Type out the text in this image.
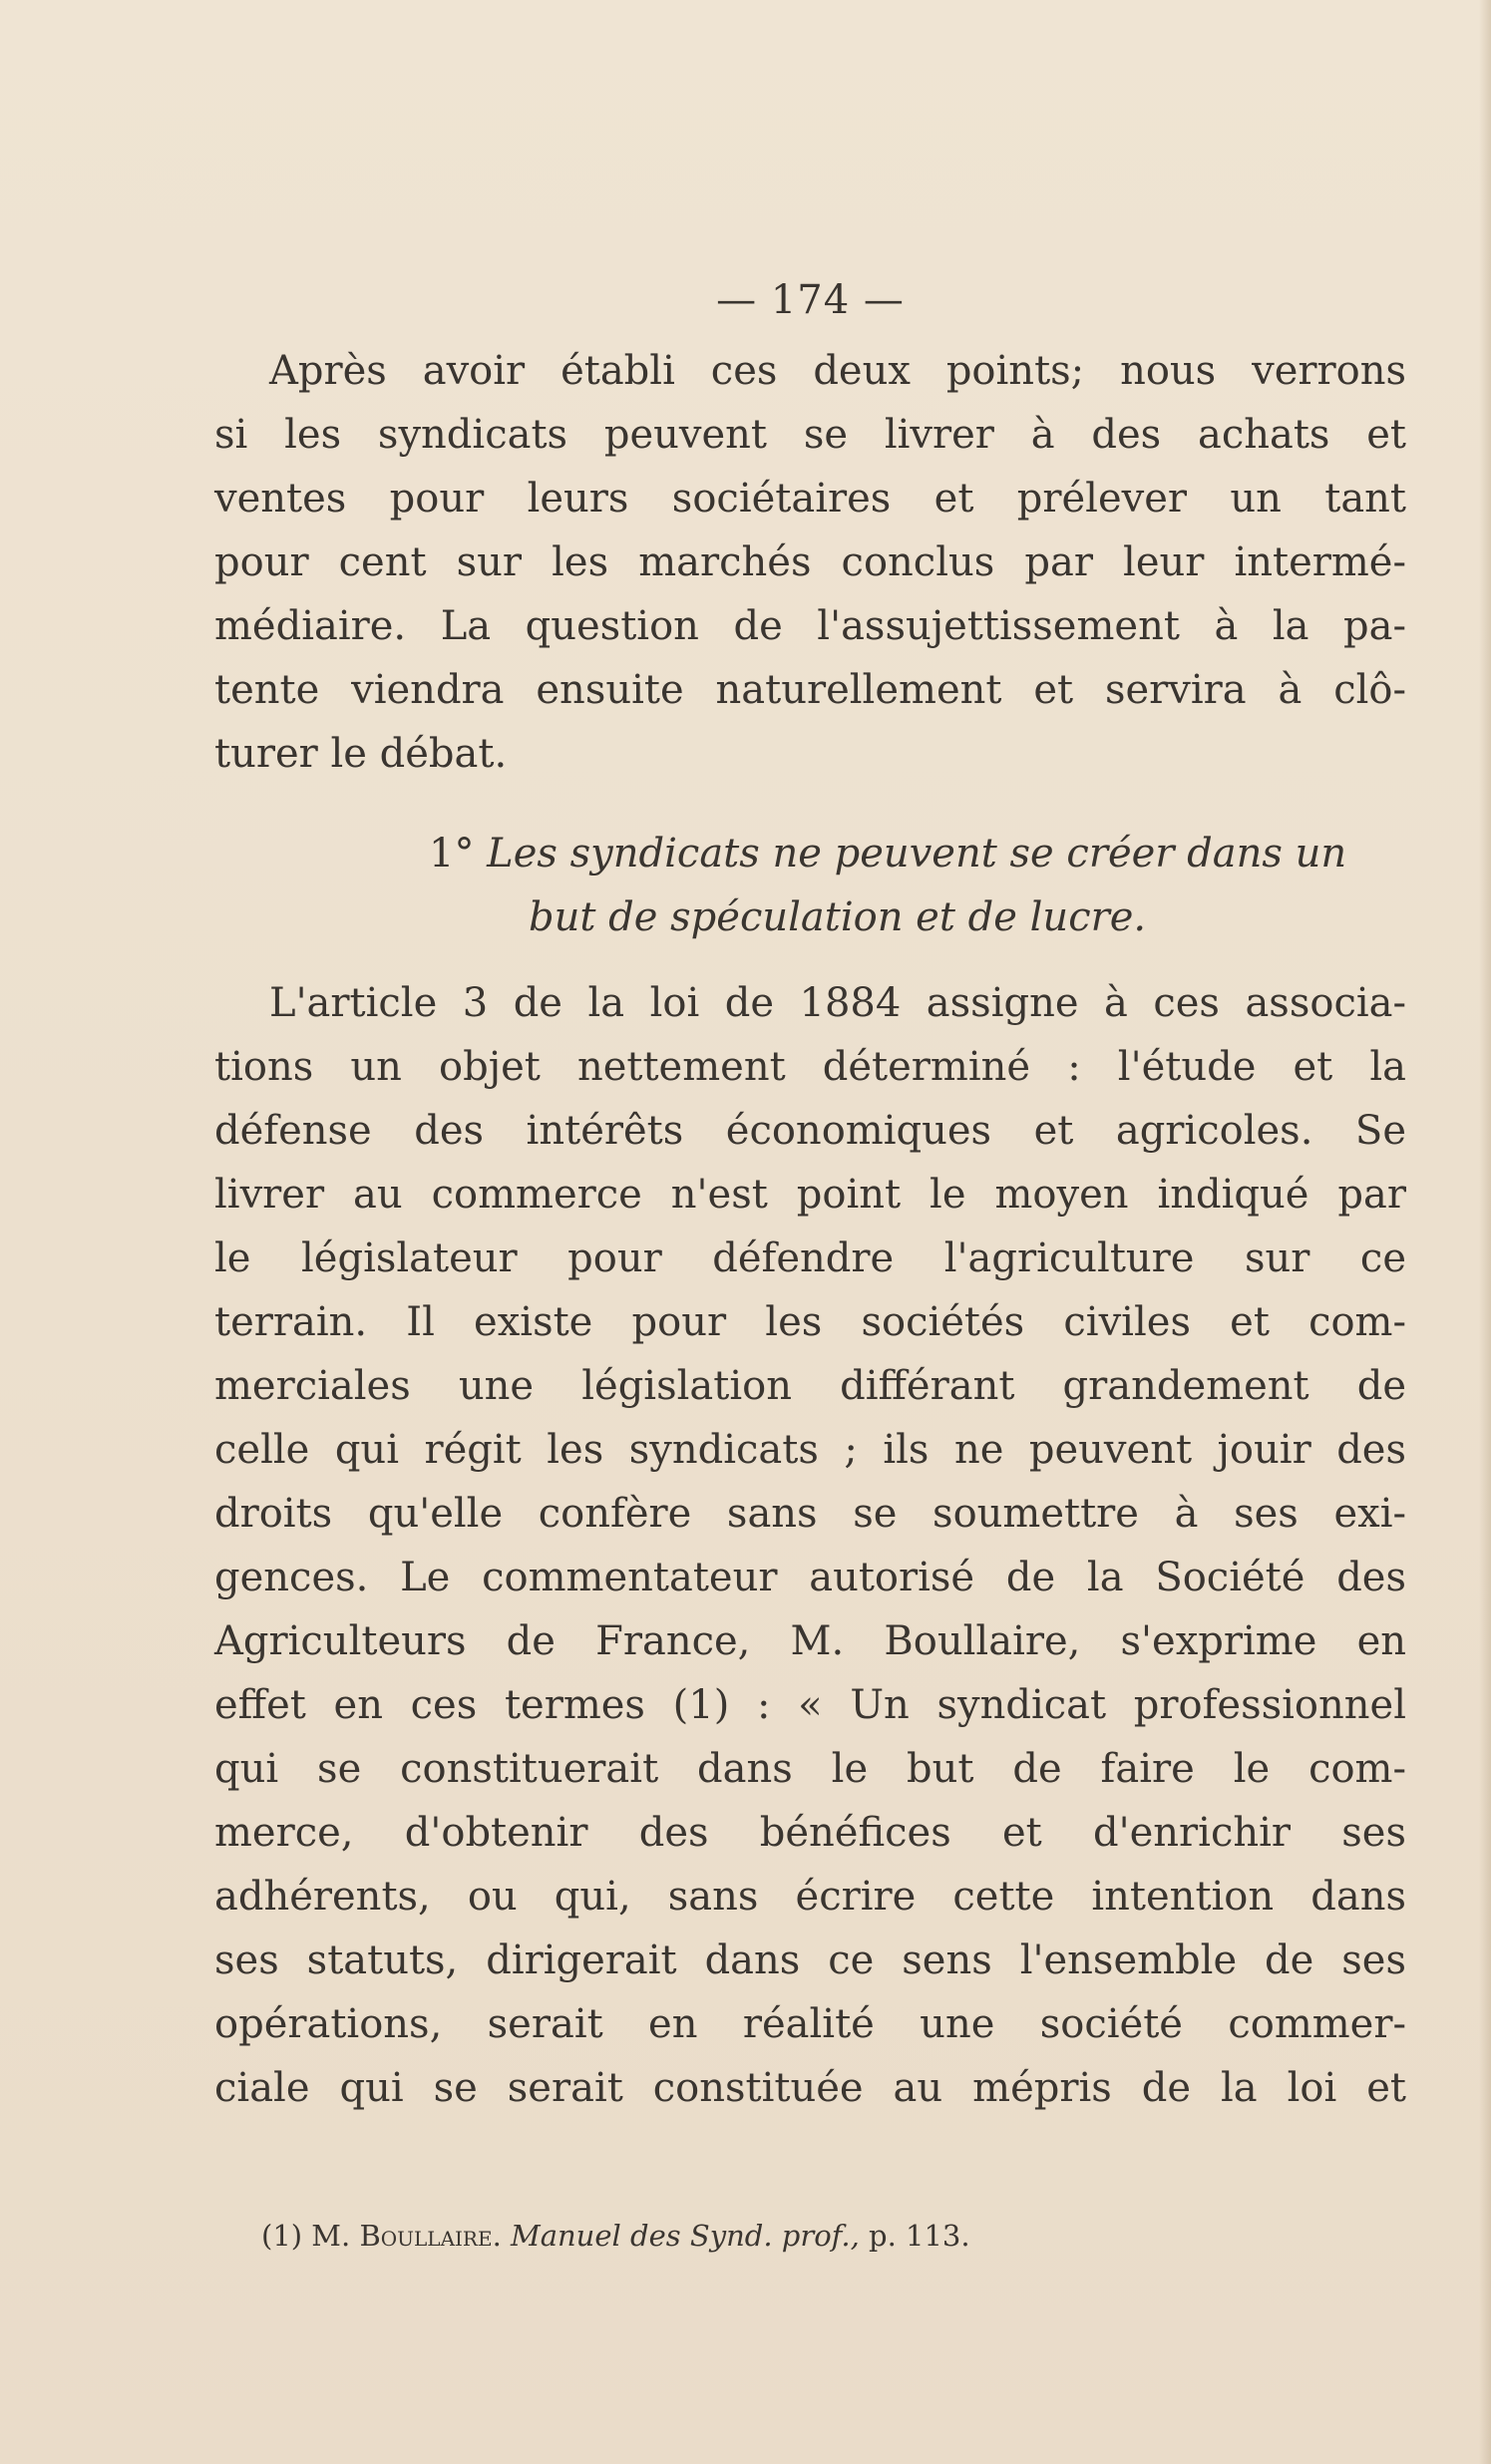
— 174 —
Après avoir établi ces deux points; nous verrons
si les syndicats peuvent se livrer à des achats et
ventes pour leurs sociétaires et prélever un tant
pour cent sur les marchés conclus par leur intermé-
médiaire. La question de l'assujettissement à la pa-
tente viendra ensuite naturellement et servira à clô-
turer le débat.
1° Les syndicats ne peuvent se créer dans un
but de spéculation et de lucre.
L'article 3 de la loi de 1884 assigne à ces associa-
tions un objet nettement déterminé : l'étude et la
défense des intérêts économiques et agricoles. Se
livrer au commerce n'est point le moyen indiqué par
le législateur pour défendre l'agriculture sur ce
terrain. Il existe pour les sociétés civiles et com-
merciales une législation différant grandement de
celle qui régit les syndicats ; ils ne peuvent jouir des
droits qu'elle confère sans se soumettre à ses exi-
gences. Le commentateur autorisé de la Société des
Agriculteurs de France, M. Boullaire, s'exprime en
effet en ces termes (1) : « Un syndicat professionnel
qui se constituerait dans le but de faire le com-
merce, d'obtenir des bénéfices et d'enrichir ses
adhérents, ou qui, sans écrire cette intention dans
ses statuts, dirigerait dans ce sens l'ensemble de ses
opérations, serait en réalité une société commer-
ciale qui se serait constituée au mépris de la loi et
(1) M. Boullaire. Manuel des Synd. prof., p. 113.
